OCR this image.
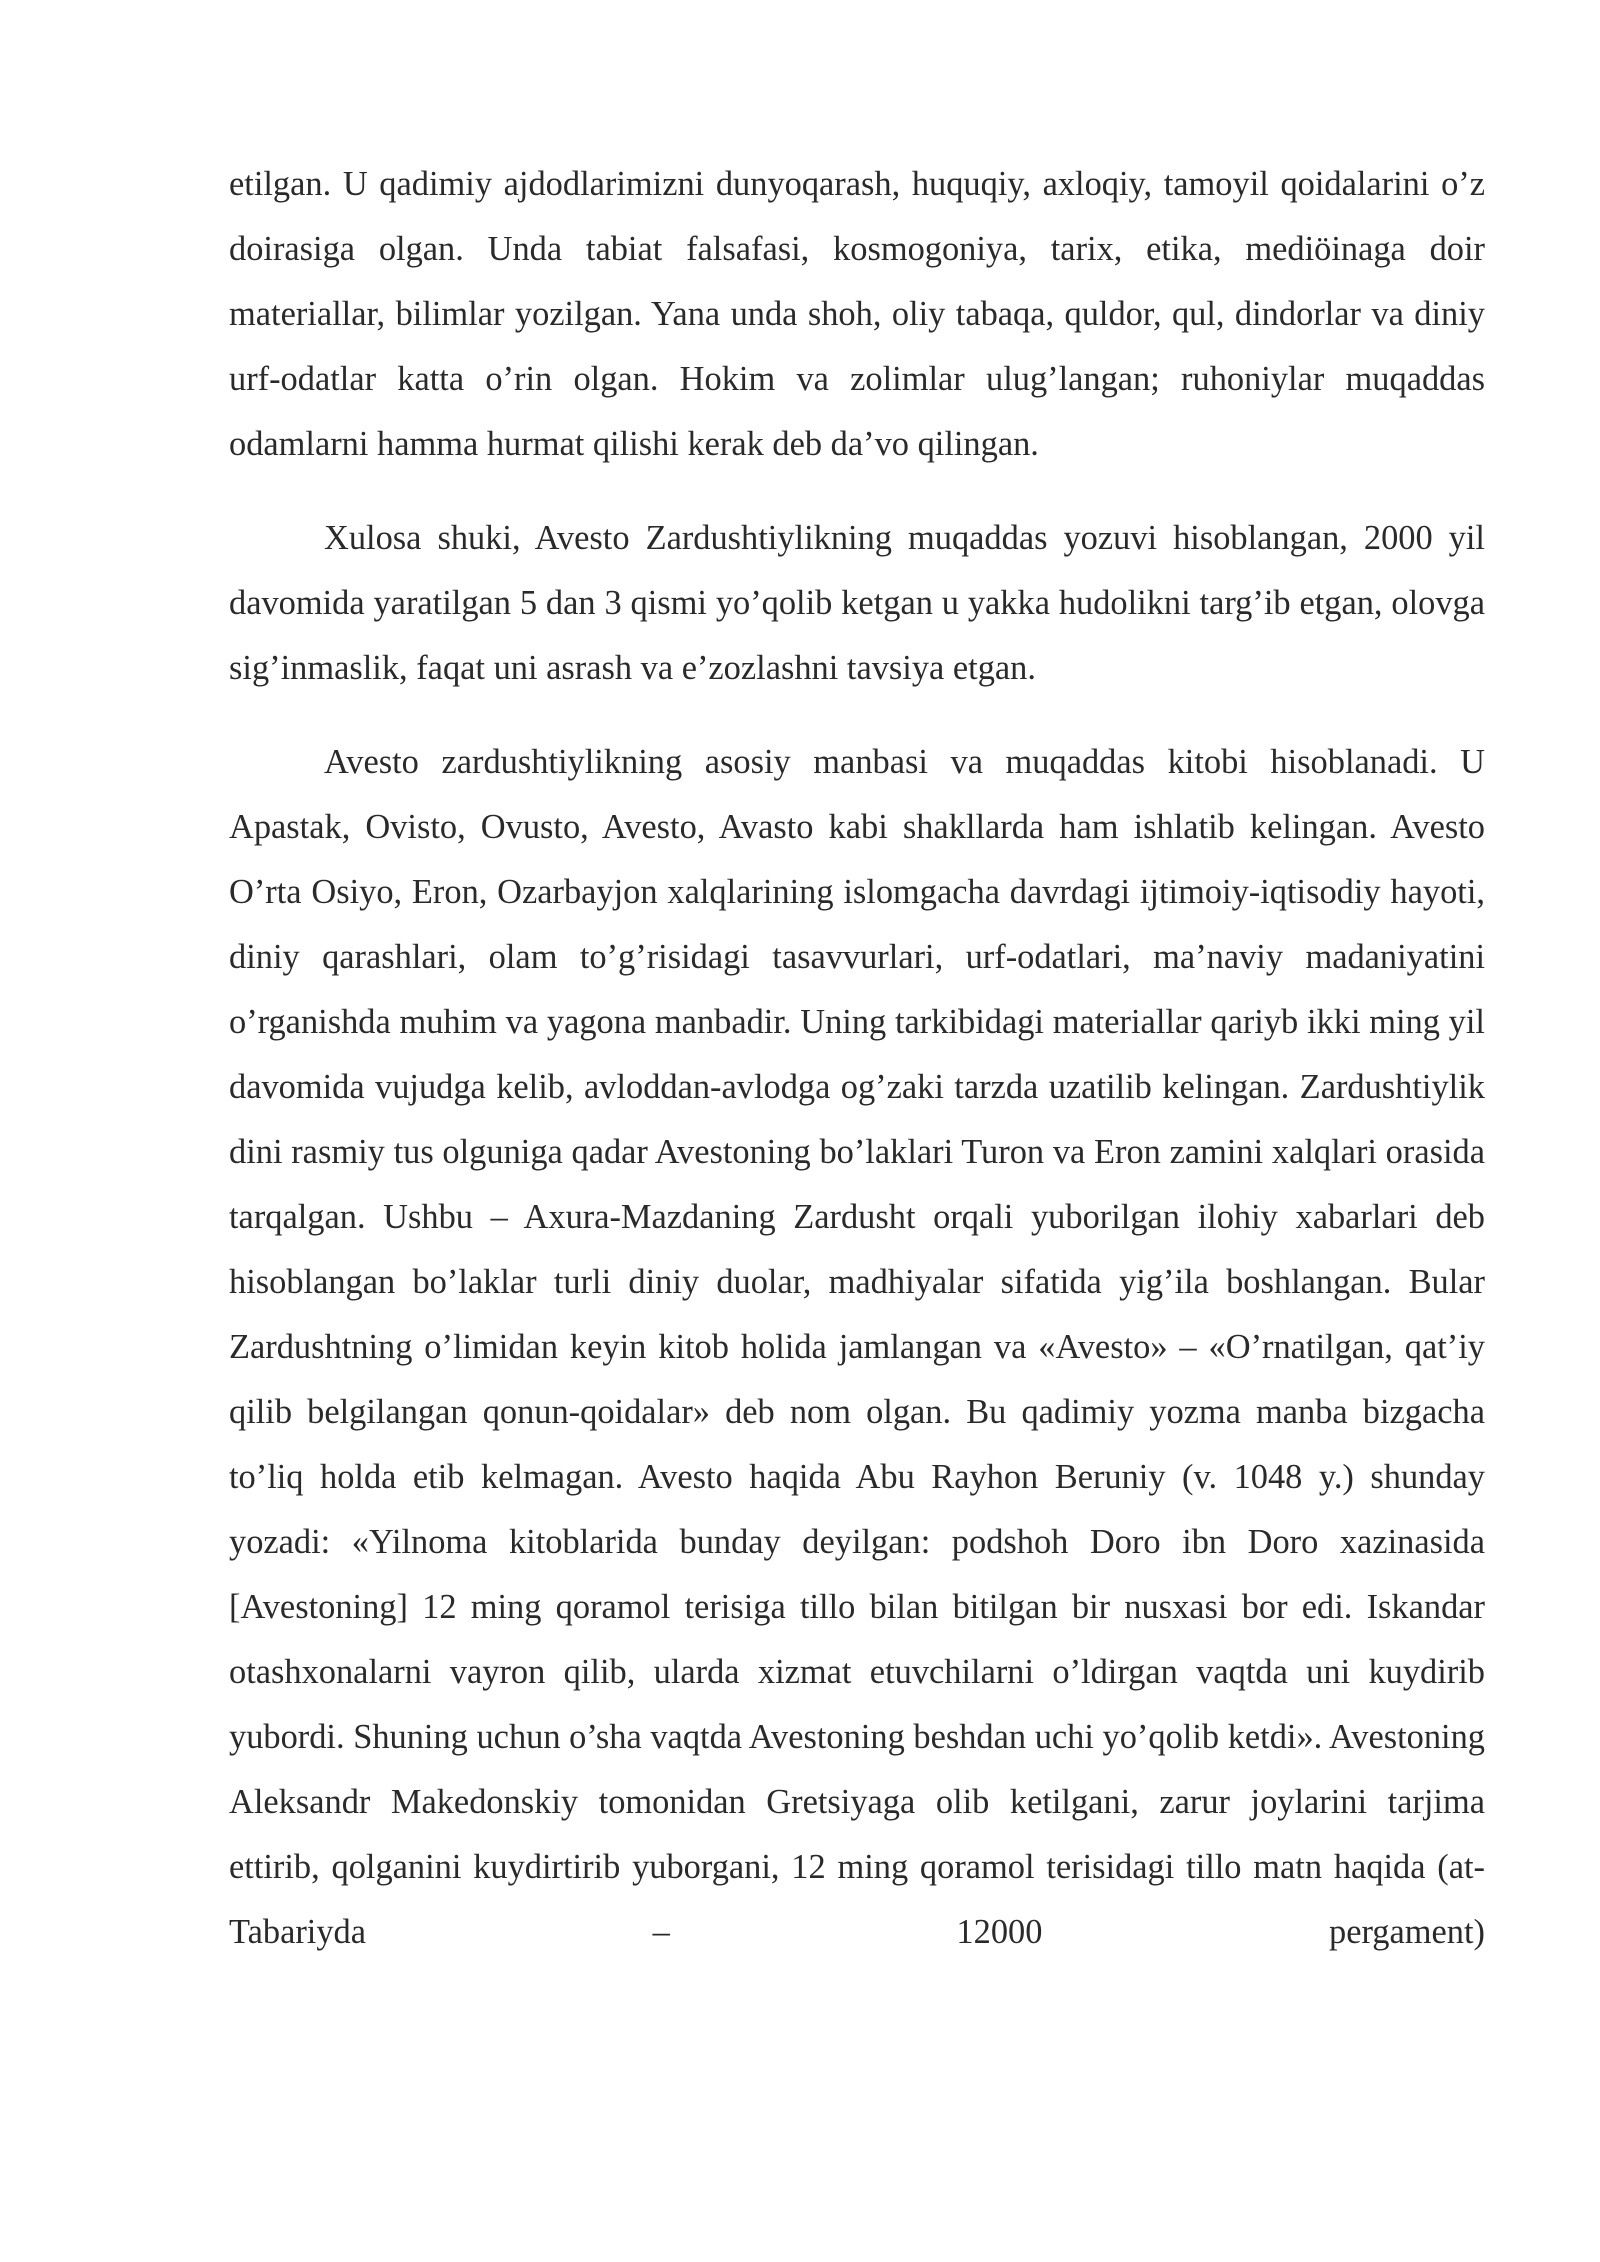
etilgan. U qadimiy ajdodlarimizni dunyoqarash, huquqiy, axloqiy, tamoyil qoidalarini o’z doirasiga olgan. Unda tabiat falsafasi, kosmogoniya, tarix, etika, mediöinaga doir materiallar, bilimlar yozilgan. Yana unda shoh, oliy tabaqa, quldor, qul, dindorlar va diniy urf-odatlar katta o’rin olgan. Hokim va zolimlar ulug’langan; ruhoniylar muqaddas odamlarni hamma hurmat qilishi kerak deb da’vo qilingan.

Xulosa shuki, Avesto Zardushtiylikning muqaddas yozuvi hisoblangan, 2000 yil davomida yaratilgan 5 dan 3 qismi yo’qolib ketgan u yakka hudolikni targ’ib etgan, olovga sig’inmaslik, faqat uni asrash va e’zozlashni tavsiya etgan.

Avesto zardushtiylikning asosiy manbasi va muqaddas kitobi hisoblanadi. U Apastak, Ovisto, Ovusto, Avesto, Avasto kabi shakllarda ham ishlatib kelingan. Avesto O’rta Osiyo, Eron, Ozarbayjon xalqlarining islomgacha davrdagi ijtimoiy-iqtisodiy hayoti, diniy qarashlari, olam to’g’risidagi tasavvurlari, urf-odatlari, ma’naviy madaniyatini o’rganishda muhim va yagona manbadir. Uning tarkibidagi materiallar qariyb ikki ming yil davomida vujudga kelib, avloddan-avlodga og’zaki tarzda uzatilib kelingan. Zardushtiylik dini rasmiy tus olguniga qadar Avestoning bo’laklari Turon va Eron zamini xalqlari orasida tarqalgan. Ushbu – Axura-Mazdaning Zardusht orqali yuborilgan ilohiy xabarlari deb hisoblangan bo’laklar turli diniy duolar, madhiyalar sifatida yig’ila boshlangan. Bular Zardushtning o’limidan keyin kitob holida jamlangan va «Avesto» – «O’rnatilgan, qat’iy qilib belgilangan qonun-qoidalar» deb nom olgan. Bu qadimiy yozma manba bizgacha to’liq holda etib kelmagan. Avesto haqida Abu Rayhon Beruniy (v. 1048 y.) shunday yozadi: «Yilnoma kitoblarida bunday deyilgan: podshoh Doro ibn Doro xazinasida [Avestoning] 12 ming qoramol terisiga tillo bilan bitilgan bir nusxasi bor edi. Iskandar otashxonalarni vayron qilib, ularda xizmat etuvchilarni o’ldirgan vaqtda uni kuydirib yubordi. Shuning uchun o’sha vaqtda Avestoning beshdan uchi yo’qolib ketdi». Avestoning Aleksandr Makedonskiy tomonidan Gretsiyaga olib ketilgani, zarur joylarini tarjima ettirib, qolganini kuydirtirib yuborgani, 12 ming qoramol terisidagi tillo matn haqida (at-Tabariyda – 12000 pergament)
